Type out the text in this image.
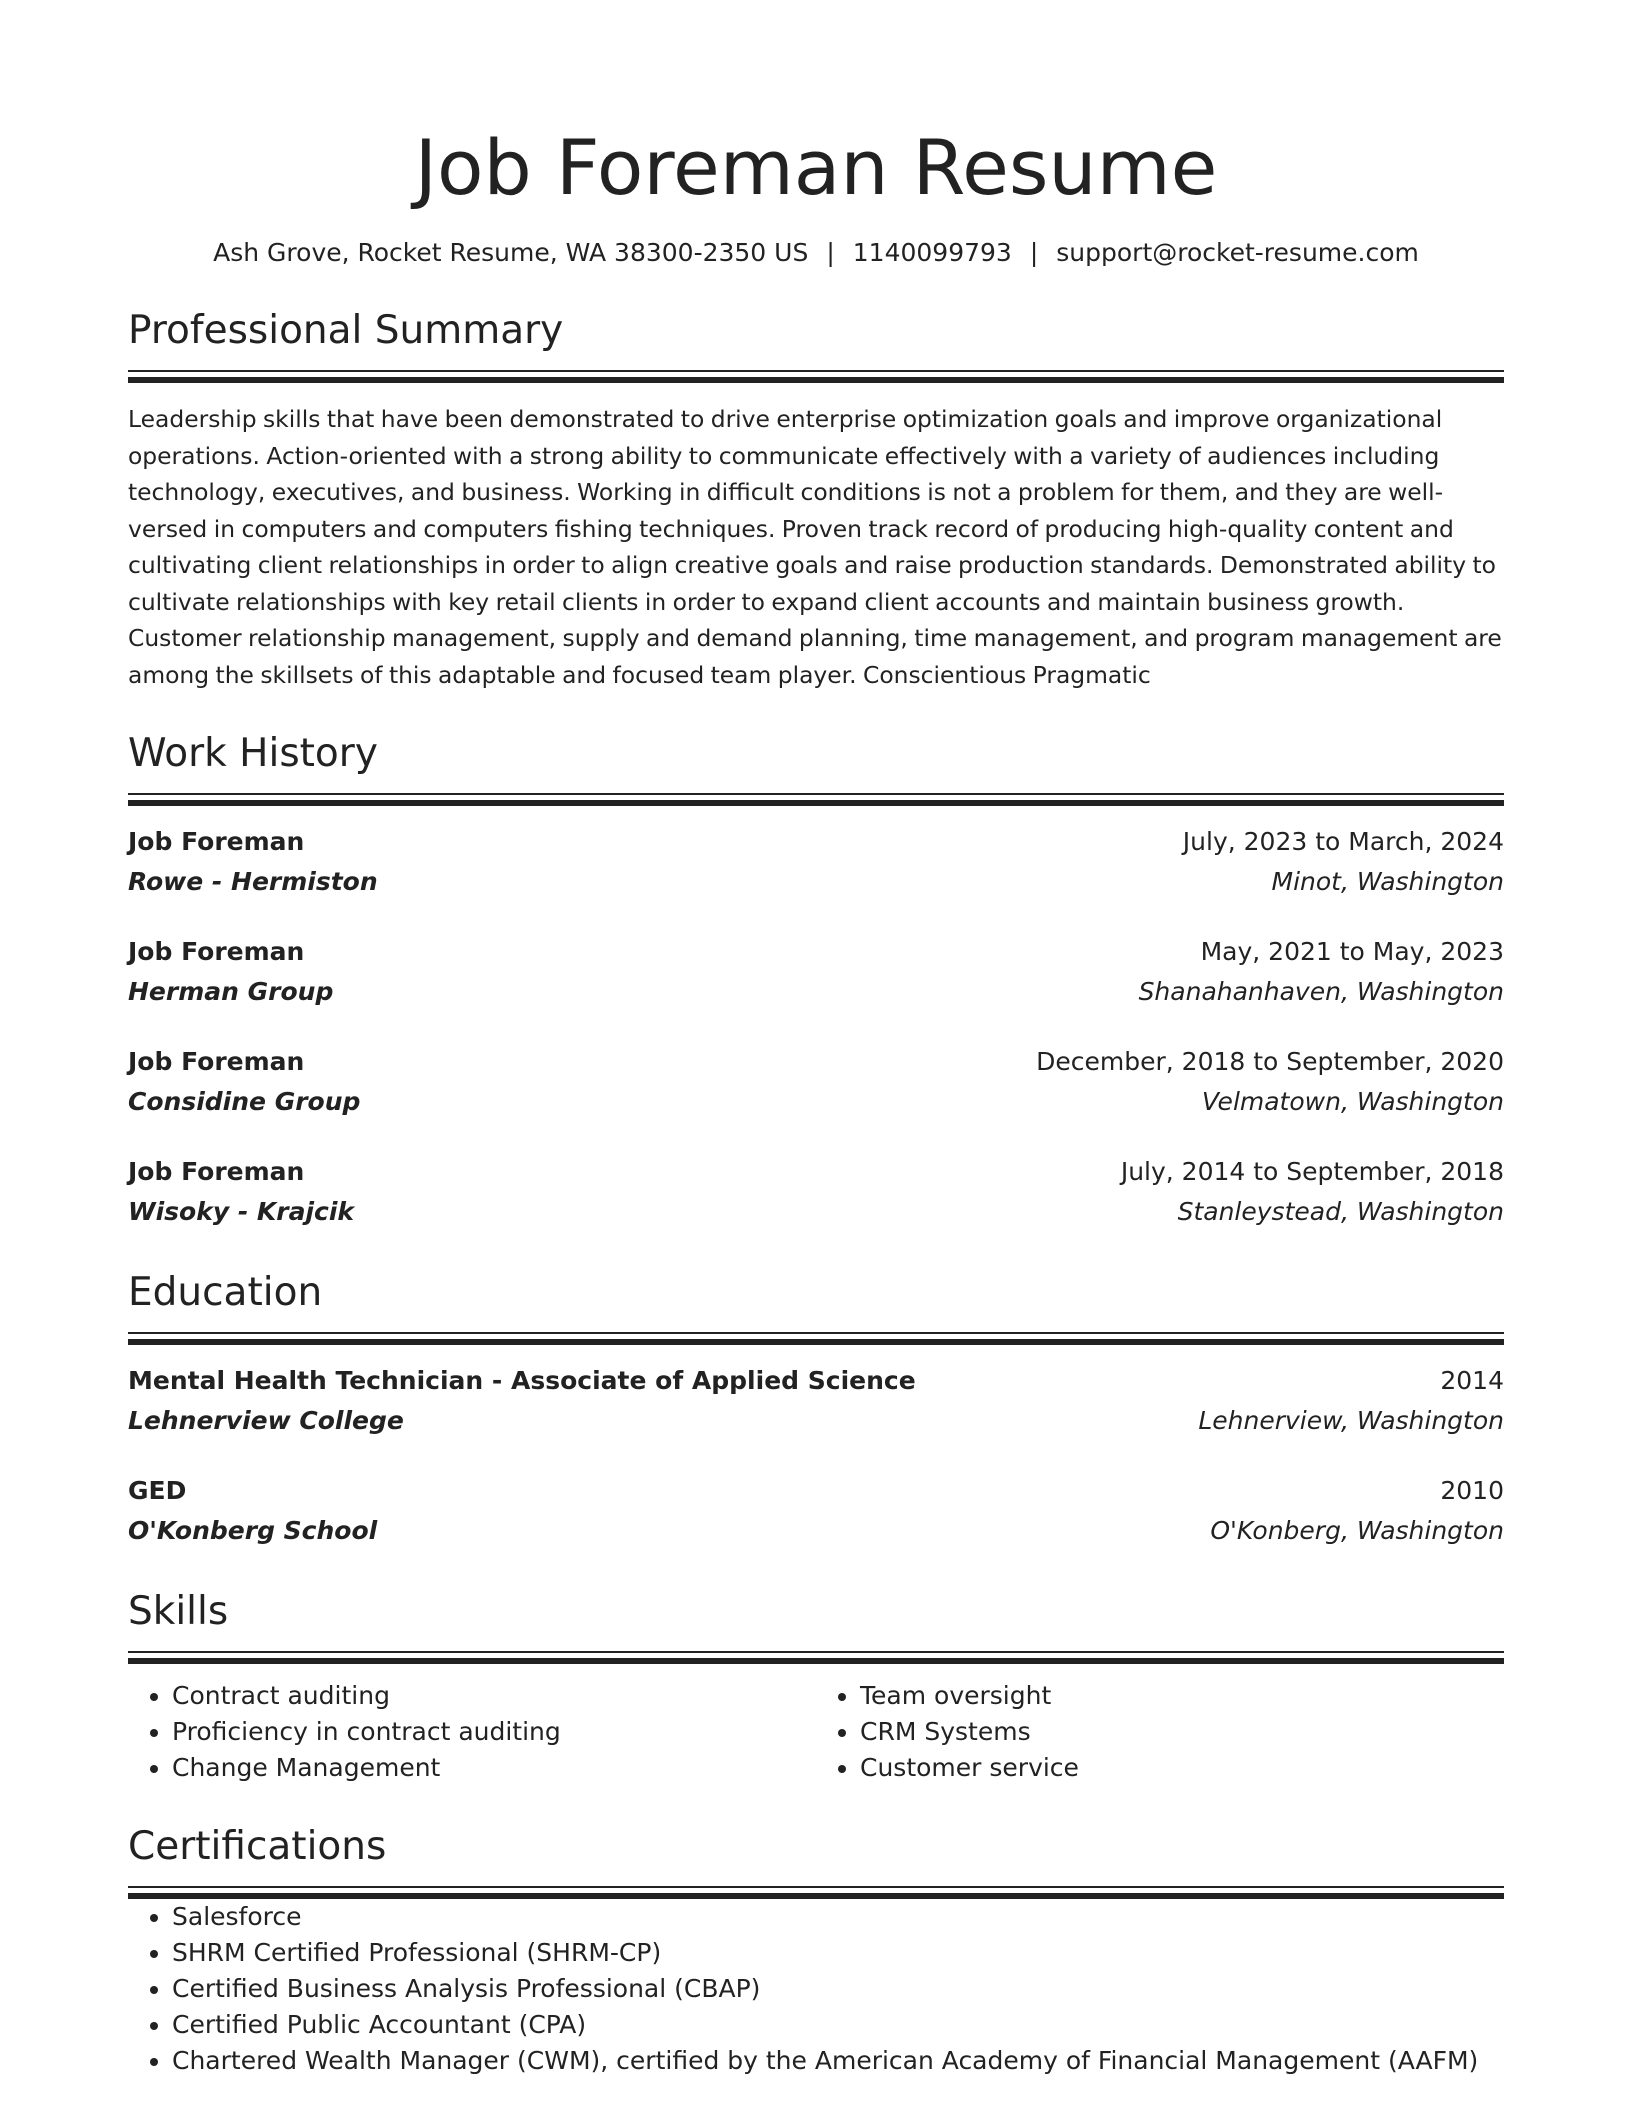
Job Foreman Resume
Ash Grove, Rocket Resume, WA 38300-2350 US | 1140099793 | support@rocket-resume.com
Professional Summary
Leadership skills that have been demonstrated to drive enterprise optimization goals and improve organizational operations. Action-oriented with a strong ability to communicate effectively with a variety of audiences including technology, executives, and business. Working in difficult conditions is not a problem for them, and they are well-versed in computers and computers fishing techniques. Proven track record of producing high-quality content and cultivating client relationships in order to align creative goals and raise production standards. Demonstrated ability to cultivate relationships with key retail clients in order to expand client accounts and maintain business growth. Customer relationship management, supply and demand planning, time management, and program management are among the skillsets of this adaptable and focused team player. Conscientious Pragmatic
Work History
Job Foreman	July, 2023 to March, 2024
Rowe - Hermiston	Minot, Washington
Job Foreman	May, 2021 to May, 2023
Herman Group	Shanahanhaven, Washington
Job Foreman	December, 2018 to September, 2020
Considine Group	Velmatown, Washington
Job Foreman	July, 2014 to September, 2018
Wisoky - Krajcik	Stanleystead, Washington
Education
Mental Health Technician - Associate of Applied Science	2014
Lehnerview College	Lehnerview, Washington
GED	2010
O'Konberg School	O'Konberg, Washington
Skills
• Contract auditing
• Proficiency in contract auditing
• Change Management
• Team oversight
• CRM Systems
• Customer service
Certifications
• Salesforce
• SHRM Certified Professional (SHRM-CP)
• Certified Business Analysis Professional (CBAP)
• Certified Public Accountant (CPA)
• Chartered Wealth Manager (CWM), certified by the American Academy of Financial Management (AAFM)
